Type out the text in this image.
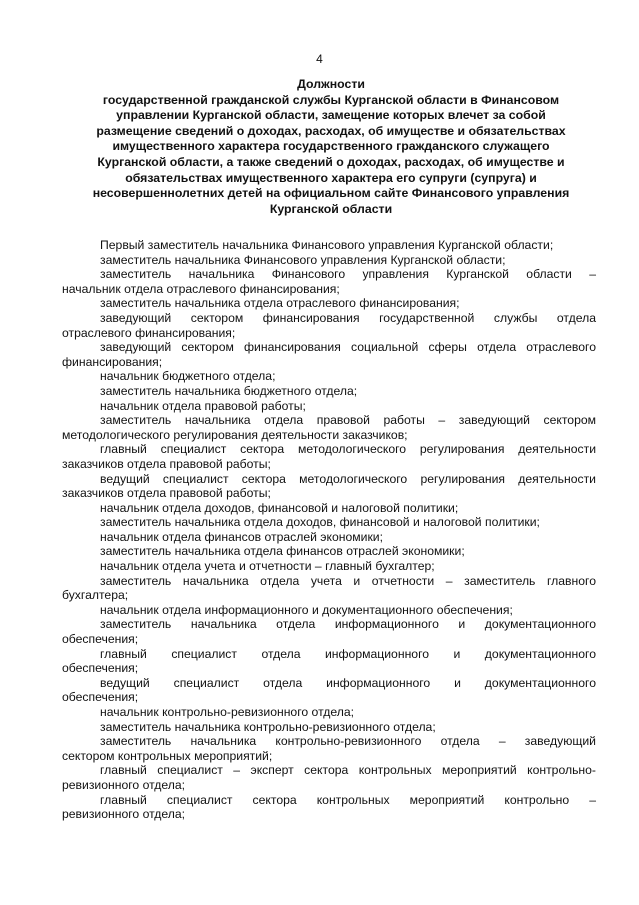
4
Должности
государственной гражданской службы Курганской области в Финансовом
управлении Курганской области, замещение которых влечет за собой
размещение сведений о доходах, расходах, об имуществе и обязательствах
имущественного характера государственного гражданского служащего
Курганской области, а также сведений о доходах, расходах, об имуществе и
обязательствах имущественного характера его супруги (супруга) и
несовершеннолетних детей на официальном сайте Финансового управления
Курганской области
Первый заместитель начальника Финансового управления Курганской области;
заместитель начальника Финансового управления Курганской области;
заместитель начальника Финансового управления Курганской области –
начальник отдела отраслевого финансирования;
заместитель начальника отдела отраслевого финансирования;
заведующий сектором финансирования государственной службы отдела
отраслевого финансирования;
заведующий сектором финансирования социальной сферы отдела отраслевого
финансирования;
начальник бюджетного отдела;
заместитель начальника бюджетного отдела;
начальник отдела правовой работы;
заместитель начальника отдела правовой работы – заведующий сектором
методологического регулирования деятельности заказчиков;
главный специалист сектора методологического регулирования деятельности
заказчиков отдела правовой работы;
ведущий специалист сектора методологического регулирования деятельности
заказчиков отдела правовой работы;
начальник отдела доходов, финансовой и налоговой политики;
заместитель начальника отдела доходов, финансовой и налоговой политики;
начальник отдела финансов отраслей экономики;
заместитель начальника отдела финансов отраслей экономики;
начальник отдела учета и отчетности – главный бухгалтер;
заместитель начальника отдела учета и отчетности – заместитель главного
бухгалтера;
начальник отдела информационного и документационного обеспечения;
заместитель начальника отдела информационного и документационного
обеспечения;
главный специалист отдела информационного и документационного
обеспечения;
ведущий специалист отдела информационного и документационного
обеспечения;
начальник контрольно-ревизионного отдела;
заместитель начальника контрольно-ревизионного отдела;
заместитель начальника контрольно-ревизионного отдела – заведующий
сектором контрольных мероприятий;
главный специалист – эксперт сектора контрольных мероприятий контрольно-
ревизионного отдела;
главный специалист сектора контрольных мероприятий контрольно –
ревизионного отдела;
